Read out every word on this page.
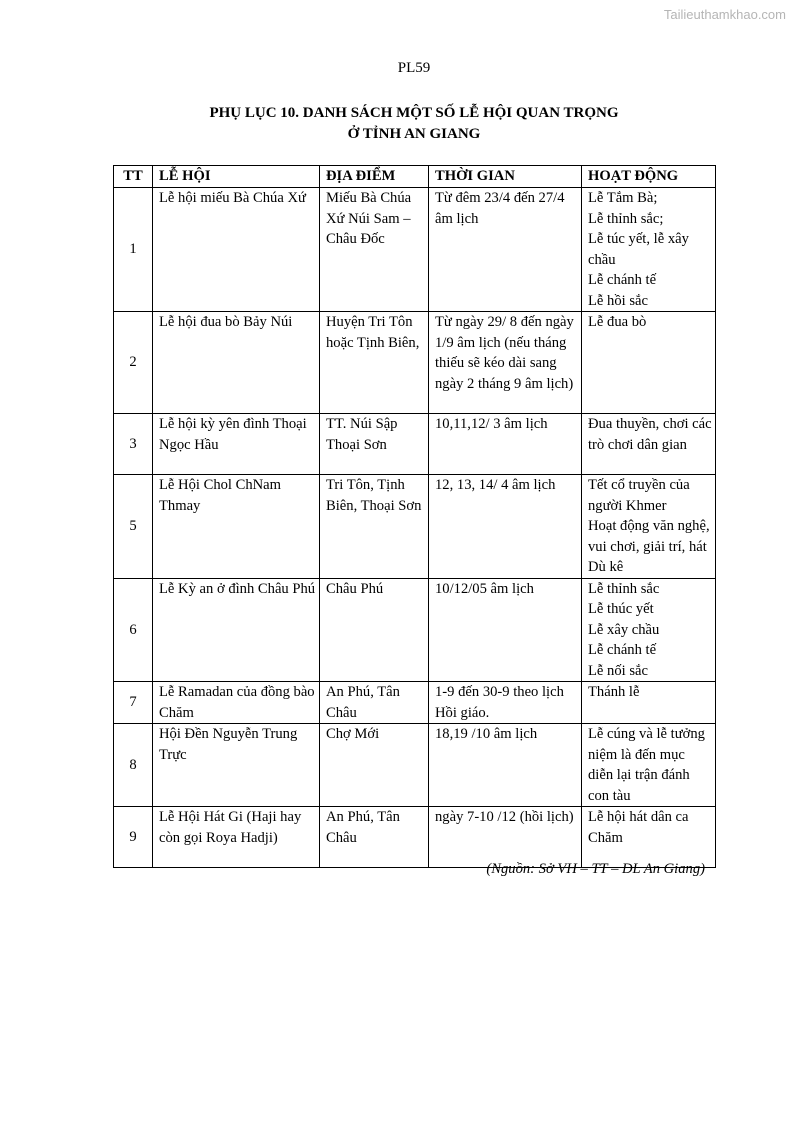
Tailieuthamkhao.com
PL59
PHỤ LỤC 10. DANH SÁCH MỘT SỐ LỄ HỘI QUAN TRỌNG
Ở TỈNH AN GIANG
TT	LỄ HỘI	ĐỊA ĐIỂM	THỜI GIAN	HOẠT ĐỘNG
1	Lễ hội miếu Bà Chúa Xứ	Miếu Bà Chúa Xứ Núi Sam – Châu Đốc	Từ đêm 23/4 đến 27/4 âm lịch	Lễ Tắm Bà;
Lễ thỉnh sắc;
Lễ túc yết, lễ xây chầu
Lễ chánh tế
Lễ hồi sắc

2	Lễ hội đua bò Bảy Núi	Huyện Tri Tôn hoặc Tịnh Biên,	Từ ngày 29/ 8 đến ngày 1/9 âm lịch (nếu tháng thiếu sẽ kéo dài sang ngày 2 tháng 9 âm lịch)	Lễ đua bò

3	Lễ hội kỳ yên đình Thoại Ngọc Hầu	TT. Núi Sập Thoại Sơn	10,11,12/ 3 âm lịch	Đua thuyền, chơi các trò chơi dân gian

5	Lễ Hội Chol ChNam Thmay	Tri Tôn, Tịnh Biên, Thoại Sơn	12, 13, 14/ 4 âm lịch	Tết cổ truyền của người Khmer
Hoạt động văn nghệ, vui chơi, giải trí, hát Dù kê

6	Lễ Kỳ an ở đình Châu Phú	Châu Phú	10/12/05 âm lịch	Lễ thỉnh sắc
Lễ thúc yết
Lễ xây chầu
Lễ chánh tế
Lễ nối sắc

7	Lễ Ramadan của đồng bào Chăm	An Phú, Tân Châu	1-9 đến 30-9 theo lịch Hồi giáo.	Thánh lễ

8	Hội Đền Nguyễn Trung Trực	Chợ Mới	18,19 /10 âm lịch	Lễ cúng và lễ tưởng niệm là đến mục diễn lại trận đánh con tàu

9	Lễ Hội Hát Gi (Haji hay còn gọi Roya Hadji)	An Phú, Tân Châu	ngày 7-10 /12 (hồi lịch)	Lễ hội hát dân ca Chăm
(Nguồn: Sở VH – TT – DL An Giang)
